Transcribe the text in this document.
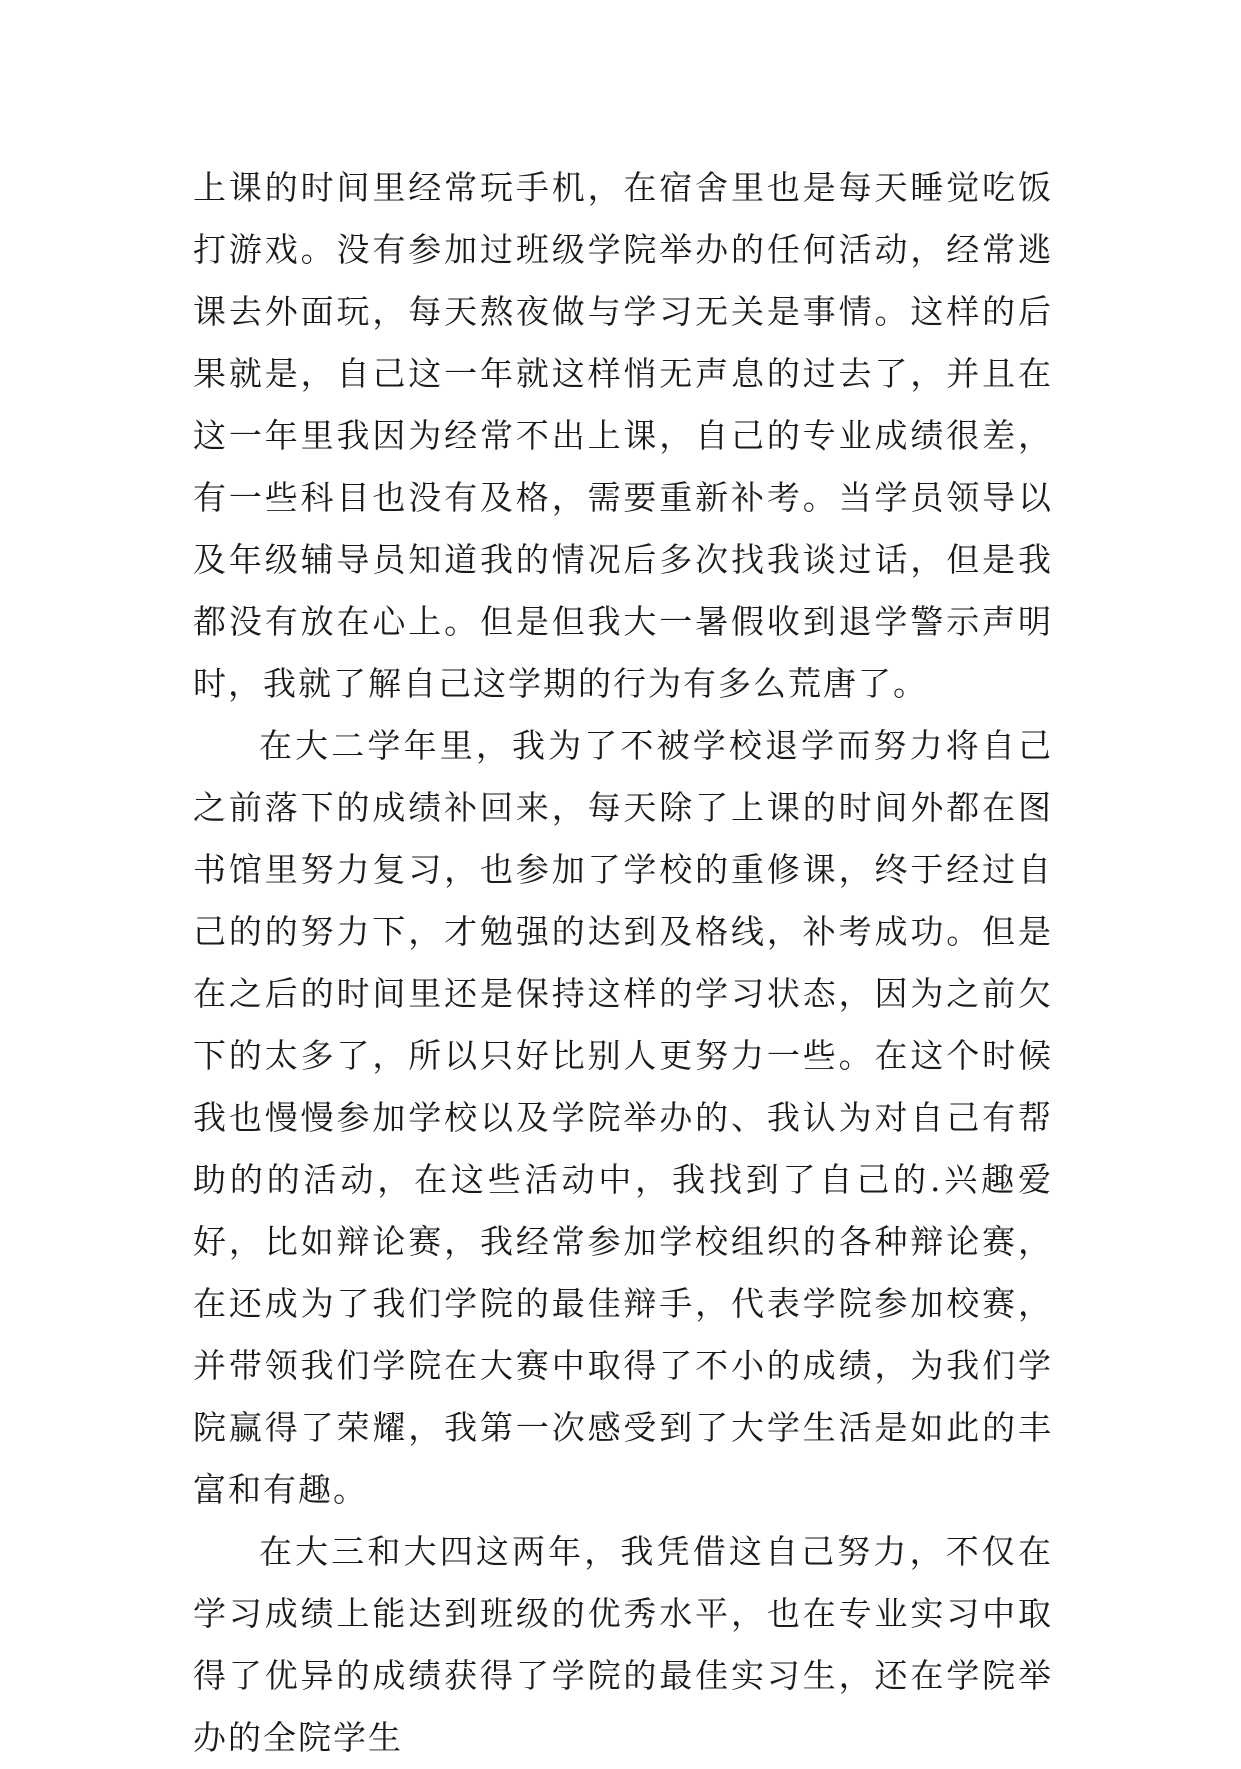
上课的时间里经常玩手机，在宿舍里也是每天睡觉吃饭打游戏。没有参加过班级学院举办的任何活动，经常逃课去外面玩，每天熬夜做与学习无关是事情。这样的后果就是，自己这一年就这样悄无声息的过去了，并且在这一年里我因为经常不出上课，自己的专业成绩很差，有一些科目也没有及格，需要重新补考。当学员领导以及年级辅导员知道我的情况后多次找我谈过话，但是我都没有放在心上。但是但我大一暑假收到退学警示声明时，我就了解自己这学期的行为有多么荒唐了。

在大二学年里，我为了不被学校退学而努力将自己之前落下的成绩补回来，每天除了上课的时间外都在图书馆里努力复习，也参加了学校的重修课，终于经过自己的的努力下，才勉强的达到及格线，补考成功。但是在之后的时间里还是保持这样的学习状态，因为之前欠下的太多了，所以只好比别人更努力一些。在这个时候我也慢慢参加学校以及学院举办的、我认为对自己有帮助的的活动，在这些活动中，我找到了自己的.兴趣爱好，比如辩论赛，我经常参加学校组织的各种辩论赛，在还成为了我们学院的最佳辩手，代表学院参加校赛，并带领我们学院在大赛中取得了不小的成绩，为我们学院赢得了荣耀，我第一次感受到了大学生活是如此的丰富和有趣。

在大三和大四这两年，我凭借这自己努力，不仅在学习成绩上能达到班级的优秀水平，也在专业实习中取得了优异的成绩获得了学院的最佳实习生，还在学院举办的全院学生
